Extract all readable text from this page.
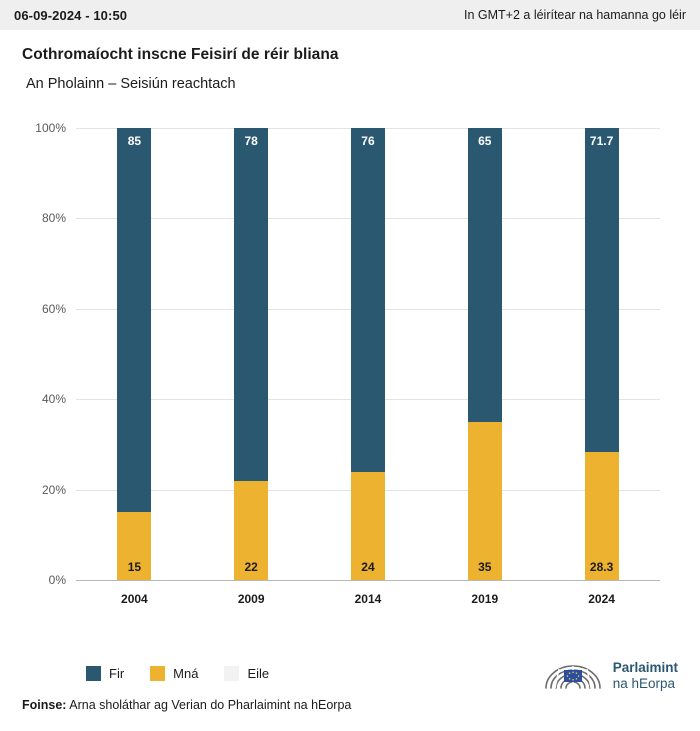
06-09-2024 - 10:50	In GMT+2 a léirítear na hamanna go léir
Cothromaíocht inscne Feisirí de réir bliana
An Pholainn – Seisiún reachtach
0%
20%
40%
60%
80%
100%
85
15
78
22
76
24
65
35
71.7
28.3
2004	2009	2014	2019	2024
Fir	Mná	Eile	Parlaimint
na hEorpa
Foinse: Arna sholáthar ag Verian do Pharlaimint na hEorpa
